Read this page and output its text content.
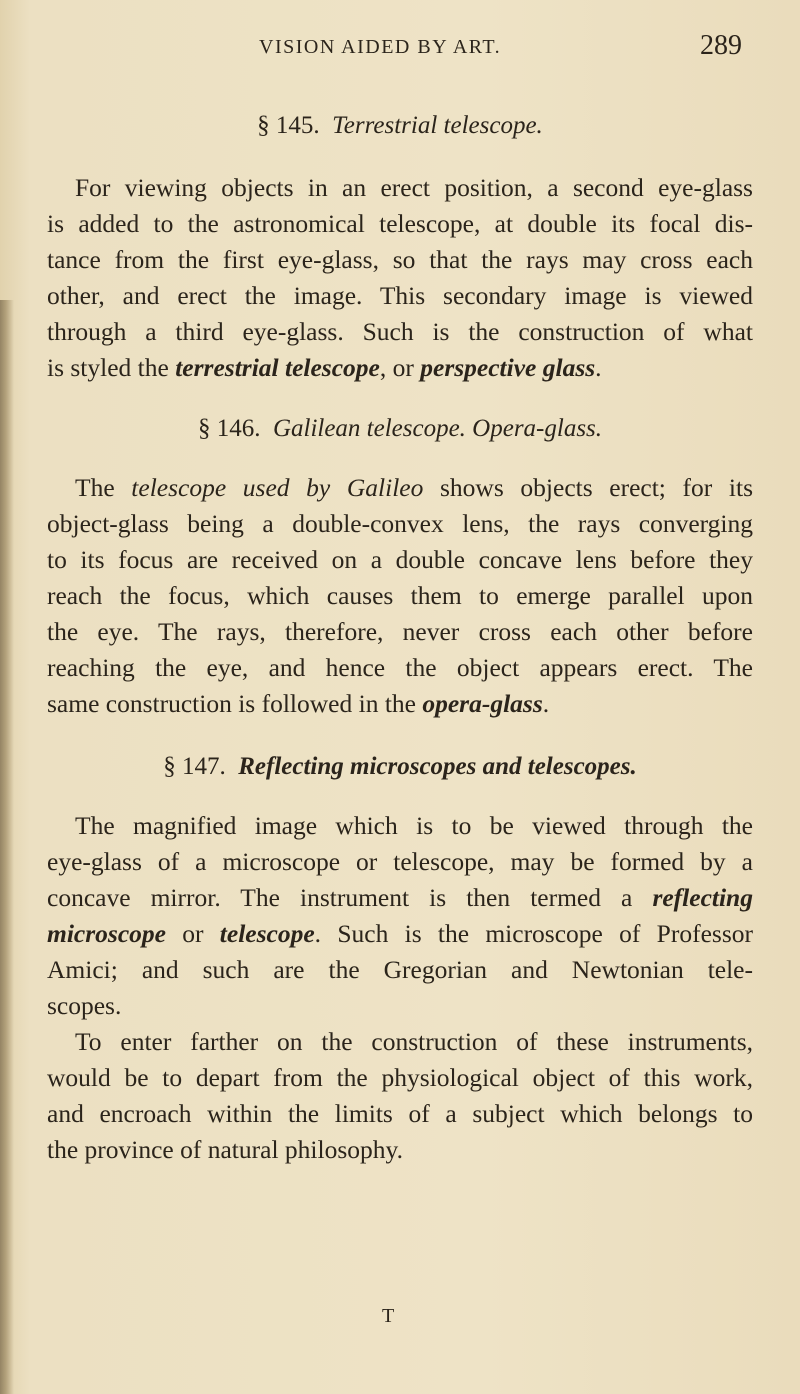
VISION AIDED BY ART.	289
§ 145. Terrestrial telescope.
For viewing objects in an erect position, a second eye-glass
is added to the astronomical telescope, at double its focal dis-
tance from the first eye-glass, so that the rays may cross each
other, and erect the image. This secondary image is viewed
through a third eye-glass. Such is the construction of what
is styled the terrestrial telescope, or perspective glass.
§ 146. Galilean telescope. Opera-glass.
The telescope used by Galileo shows objects erect; for its
object-glass being a double-convex lens, the rays converging
to its focus are received on a double concave lens before they
reach the focus, which causes them to emerge parallel upon
the eye. The rays, therefore, never cross each other before
reaching the eye, and hence the object appears erect. The
same construction is followed in the opera-glass.
§ 147. Reflecting microscopes and telescopes.
The magnified image which is to be viewed through the
eye-glass of a microscope or telescope, may be formed by a
concave mirror. The instrument is then termed a reflecting
microscope or telescope. Such is the microscope of Professor
Amici; and such are the Gregorian and Newtonian tele-
scopes.
To enter farther on the construction of these instruments,
would be to depart from the physiological object of this work,
and encroach within the limits of a subject which belongs to
the province of natural philosophy.
T
